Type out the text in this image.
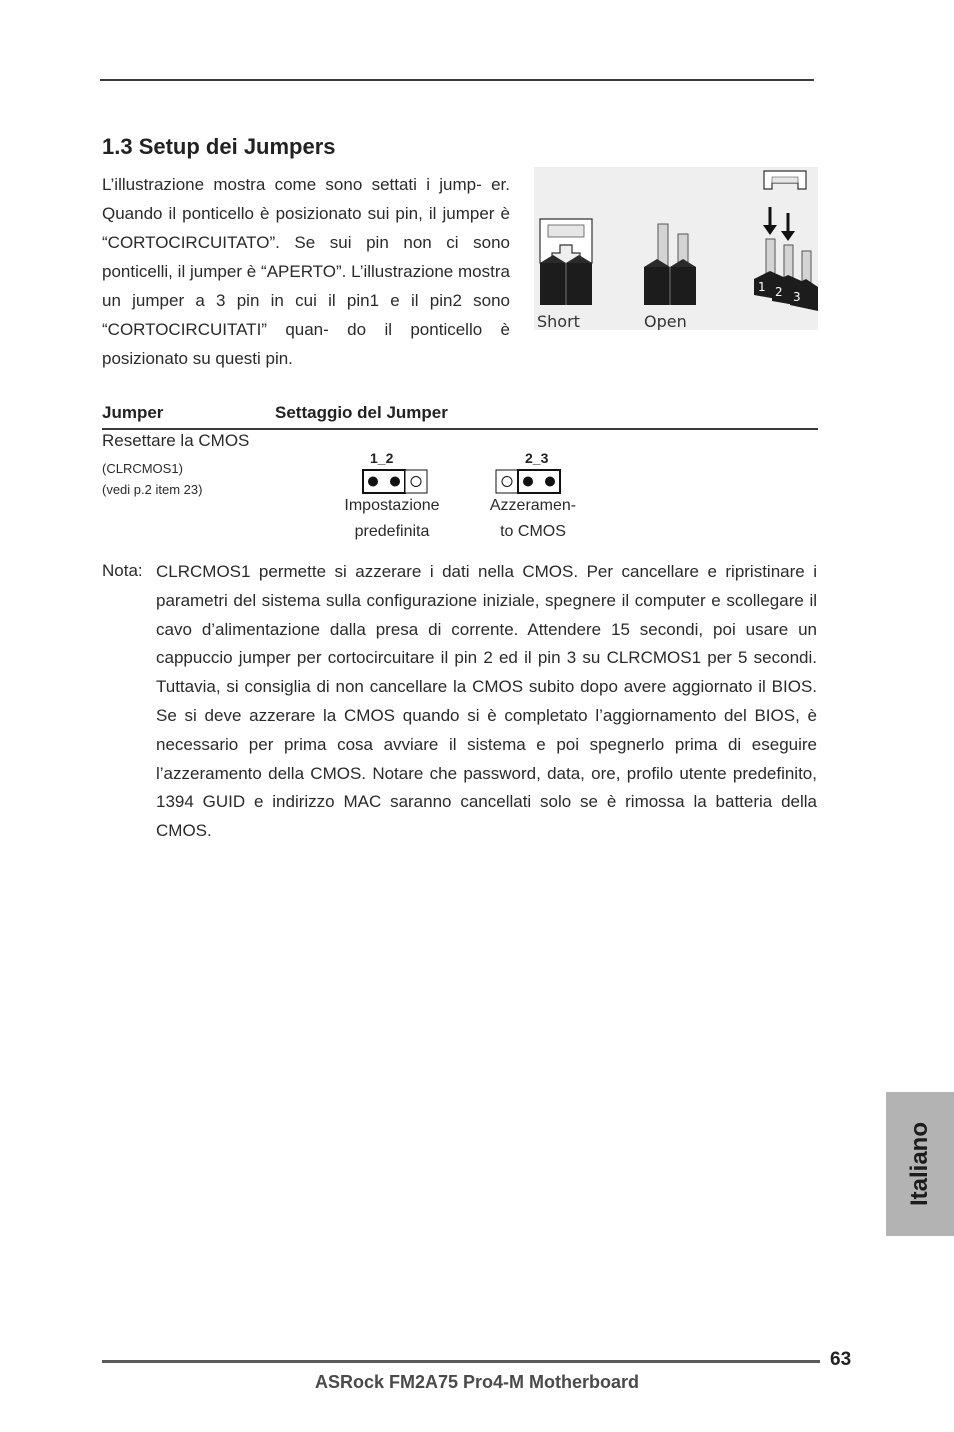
1.3 Setup dei Jumpers

L’illustrazione mostra come sono settati i jump- er. Quando il ponticello è posizionato sui pin, il jumper è “CORTOCIRCUITATO”. Se sui pin non ci sono ponticelli, il jumper è “APERTO”. L’illustrazione mostra un jumper a 3 pin in cui il pin1 e il pin2 sono “CORTOCIRCUITATI” quan- do il ponticello è posizionato su questi pin.

Short	Open
1 2 3
Jumper	Settaggio del Jumper
Resettare la CMOS
(CLRCMOS1)
(vedi p.2 item 23)
1_2
Impostazione
predefinita
2_3
Azzeramen-
to CMOS
Nota: CLRCMOS1 permette si azzerare i dati nella CMOS. Per cancellare e ripristinare i parametri del sistema sulla configurazione iniziale, spegnere il computer e scollegare il cavo d’alimentazione dalla presa di corrente. Attendere 15 secondi, poi usare un cappuccio jumper per cortocircuitare il pin 2 ed il pin 3 su CLRCMOS1 per 5 secondi. Tuttavia, si consiglia di non cancellare la CMOS subito dopo avere aggiornato il BIOS. Se si deve azzerare la CMOS quando si è completato l’aggiornamento del BIOS, è necessario per prima cosa avviare il sistema e poi spegnerlo prima di eseguire l’azzeramento della CMOS. Notare che password, data, ore, profilo utente predefinito, 1394 GUID e indirizzo MAC saranno cancellati solo se è rimossa la batteria della CMOS.

Italiano
63
ASRock FM2A75 Pro4-M Motherboard
